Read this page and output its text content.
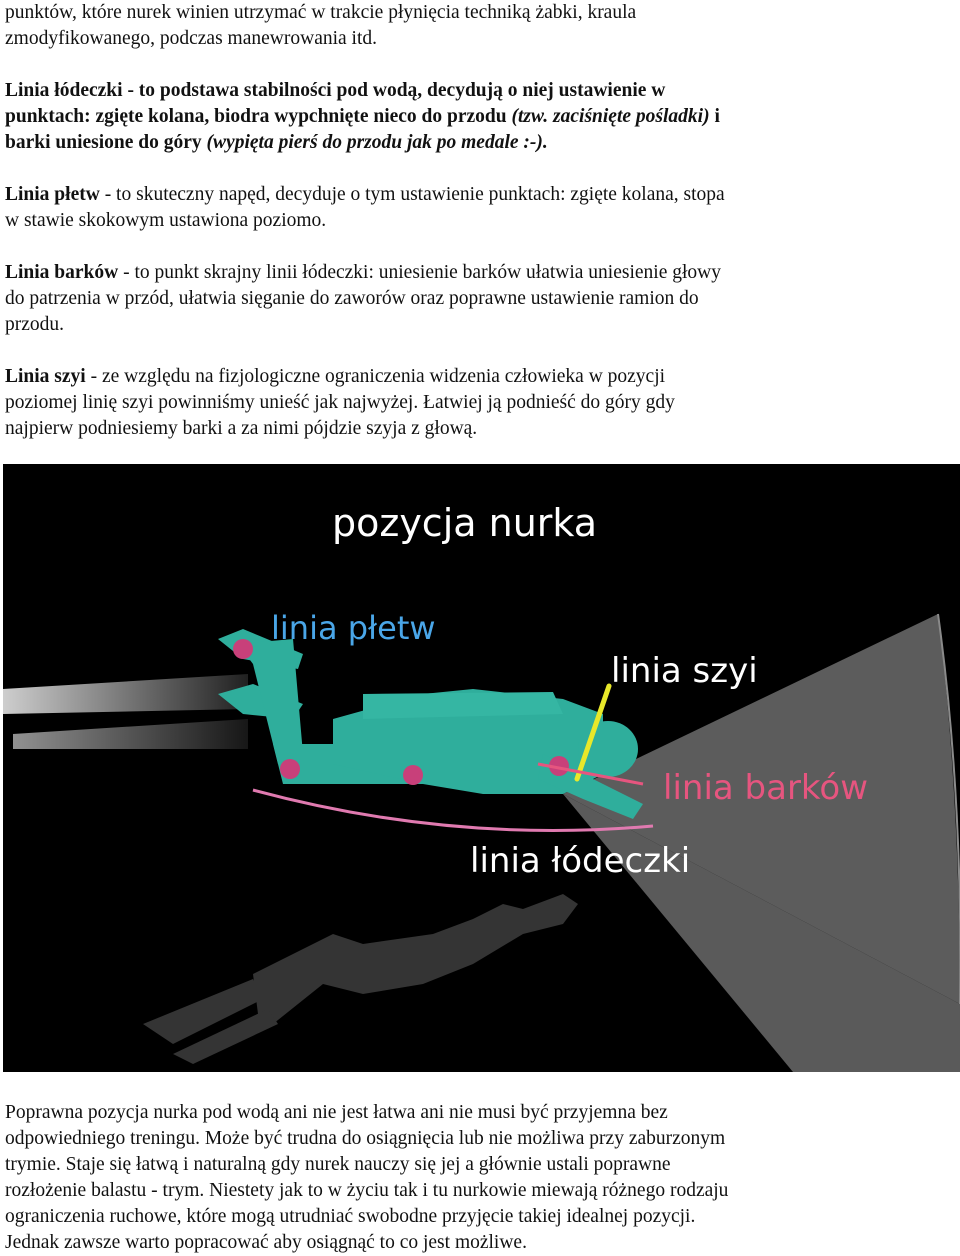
punktów, które nurek winien utrzymać w trakcie płynięcia techniką żabki, kraula
zmodyfikowanego, podczas manewrowania itd.
Linia łódeczki - to podstawa stabilności pod wodą, decydują o niej ustawienie w
punktach: zgięte kolana, biodra wypchnięte nieco do przodu (tzw. zaciśnięte pośladki) i
barki uniesione do góry (wypięta pierś do przodu jak po medale :-).
Linia płetw - to skuteczny napęd, decyduje o tym ustawienie punktach: zgięte kolana, stopa
w stawie skokowym ustawiona poziomo.
Linia barków - to punkt skrajny linii łódeczki: uniesienie barków ułatwia uniesienie głowy
do patrzenia w przód, ułatwia sięganie do zaworów oraz poprawne ustawienie ramion do
przodu.
Linia szyi - ze względu na fizjologiczne ograniczenia widzenia człowieka w pozycji
poziomej linię szyi powinniśmy unieść jak najwyżej. Łatwiej ją podnieść do góry gdy
najpierw podniesiemy barki a za nimi pójdzie szyja z głową.
pozycja nurka
linia płetw
linia szyi
linia barków
linia łódeczki
Poprawna pozycja nurka pod wodą ani nie jest łatwa ani nie musi być przyjemna bez
odpowiedniego treningu. Może być trudna do osiągnięcia lub nie możliwa przy zaburzonym
trymie. Staje się łatwą i naturalną gdy nurek nauczy się jej a głównie ustali poprawne
rozłożenie balastu - trym. Niestety jak to w życiu tak i tu nurkowie miewają różnego rodzaju
ograniczenia ruchowe, które mogą utrudniać swobodne przyjęcie takiej idealnej pozycji.
Jednak zawsze warto popracować aby osiągnąć to co jest możliwe.
